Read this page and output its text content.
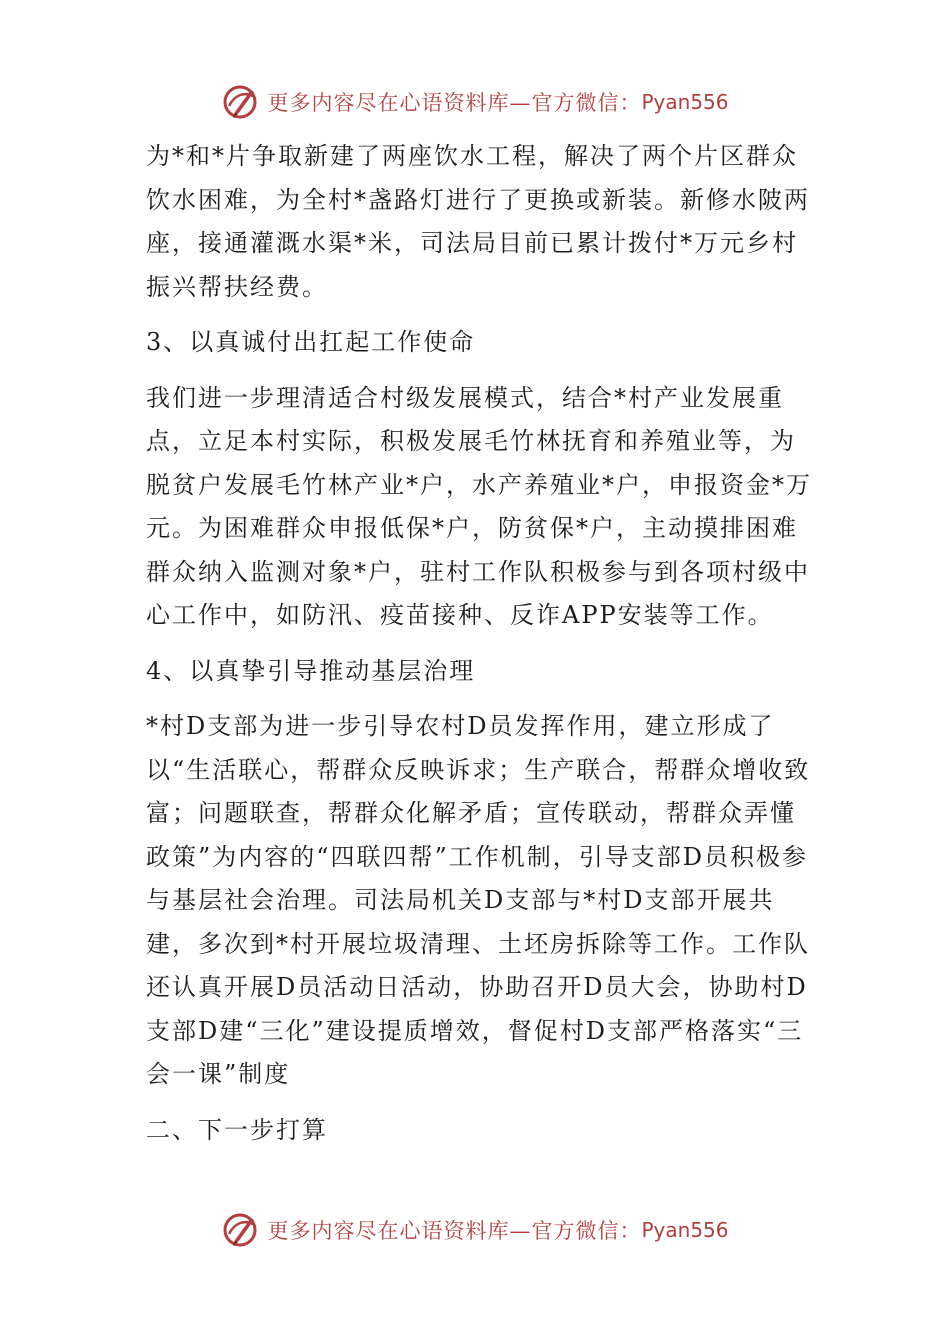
更多内容尽在心语资料库—官方微信： Pyan556

为*和*片争取新建了两座饮水工程，解决了两个片区群众饮水困难，为全村*盏路灯进行了更换或新装。新修水陂两座，接通灌溉水渠*米，司法局目前已累计拨付*万元乡村振兴帮扶经费。

3、以真诚付出扛起工作使命

我们进一步理清适合村级发展模式，结合*村产业发展重点，立足本村实际，积极发展毛竹林抚育和养殖业等，为脱贫户发展毛竹林产业*户，水产养殖业*户，申报资金*万元。为困难群众申报低保*户，防贫保*户，主动摸排困难群众纳入监测对象*户，驻村工作队积极参与到各项村级中心工作中，如防汛、疫苗接种、反诈APP安装等工作。

4、以真挚引导推动基层治理

*村D支部为进一步引导农村D员发挥作用，建立形成了以“生活联心，帮群众反映诉求；生产联合，帮群众增收致富；问题联查，帮群众化解矛盾；宣传联动，帮群众弄懂政策”为内容的“四联四帮”工作机制，引导支部D员积极参与基层社会治理。司法局机关D支部与*村D支部开展共建，多次到*村开展垃圾清理、土坯房拆除等工作。工作队还认真开展D员活动日活动，协助召开D员大会，协助村D支部D建“三化”建设提质增效，督促村D支部严格落实“三会一课”制度

二、下一步打算

更多内容尽在心语资料库—官方微信： Pyan556
